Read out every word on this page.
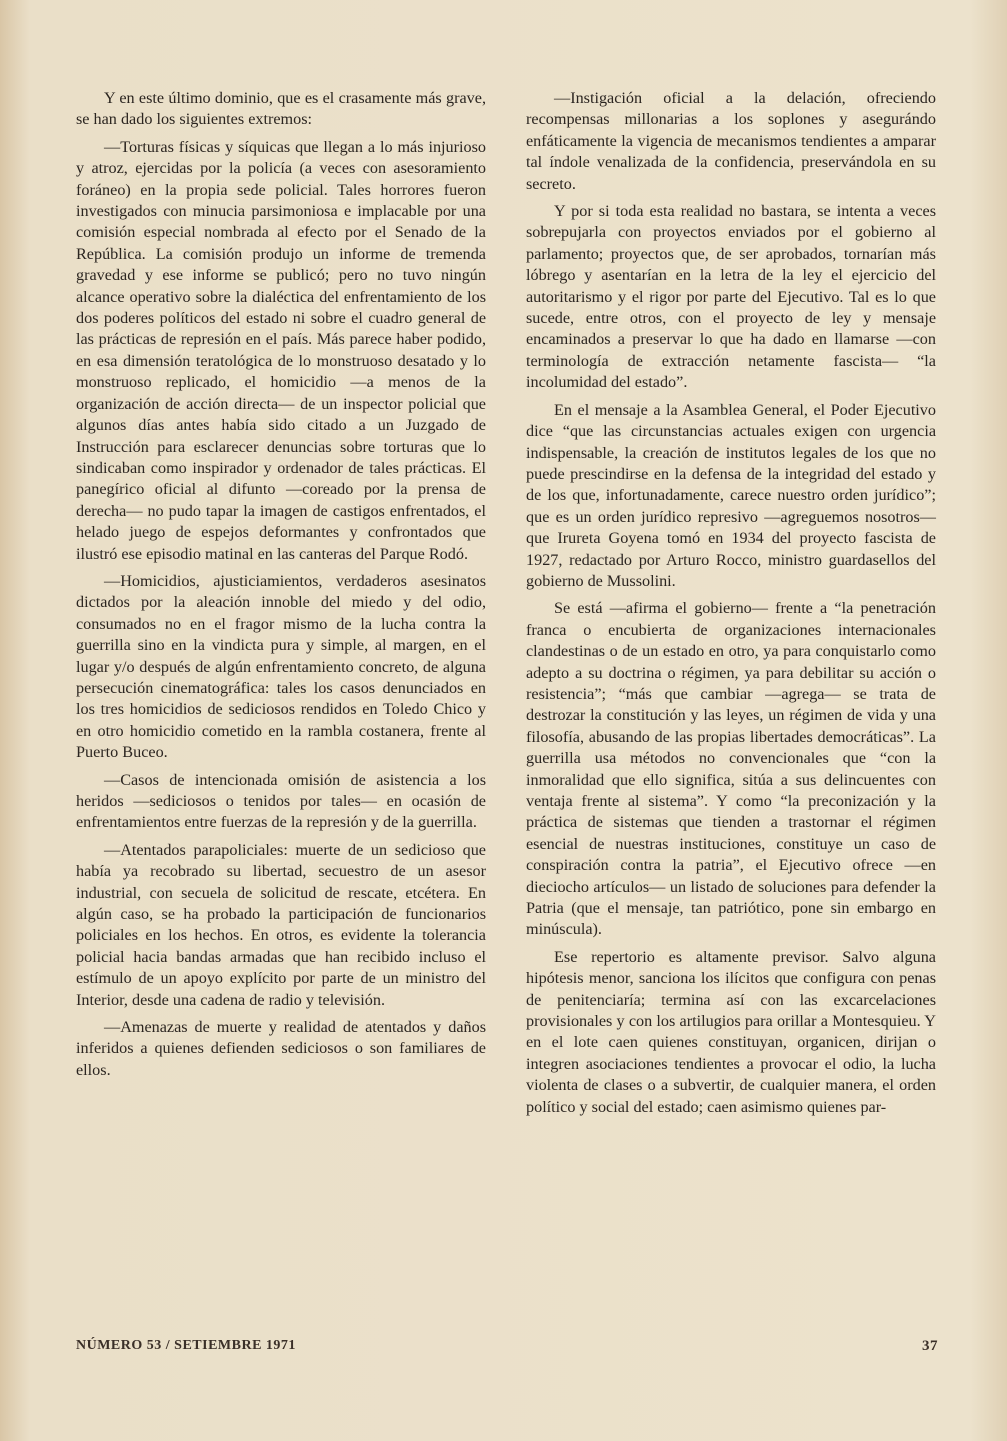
Y en este último dominio, que es el crasamente más grave, se han dado los siguientes extremos:

—Torturas físicas y síquicas que llegan a lo más injurioso y atroz, ejercidas por la policía (a veces con asesoramiento foráneo) en la propia sede policial. Tales horrores fueron investigados con minucia parsimoniosa e implacable por una comisión especial nombrada al efecto por el Senado de la República. La comisión produjo un informe de tremenda gravedad y ese informe se publicó; pero no tuvo ningún alcance operativo sobre la dialéctica del enfrentamiento de los dos poderes políticos del estado ni sobre el cuadro general de las prácticas de represión en el país. Más parece haber podido, en esa dimensión teratológica de lo monstruoso desatado y lo monstruoso replicado, el homicidio —a menos de la organización de acción directa— de un inspector policial que algunos días antes había sido citado a un Juzgado de Instrucción para esclarecer denuncias sobre torturas que lo sindicaban como inspirador y ordenador de tales prácticas. El panegírico oficial al difunto —coreado por la prensa de derecha— no pudo tapar la imagen de castigos enfrentados, el helado juego de espejos deformantes y confrontados que ilustró ese episodio matinal en las canteras del Parque Rodó.

—Homicidios, ajusticiamientos, verdaderos asesinatos dictados por la aleación innoble del miedo y del odio, consumados no en el fragor mismo de la lucha contra la guerrilla sino en la vindicta pura y simple, al margen, en el lugar y/o después de algún enfrentamiento concreto, de alguna persecución cinematográfica: tales los casos denunciados en los tres homicidios de sediciosos rendidos en Toledo Chico y en otro homicidio cometido en la rambla costanera, frente al Puerto Buceo.

—Casos de intencionada omisión de asistencia a los heridos —sediciosos o tenidos por tales— en ocasión de enfrentamientos entre fuerzas de la represión y de la guerrilla.

—Atentados parapoliciales: muerte de un sedicioso que había ya recobrado su libertad, secuestro de un asesor industrial, con secuela de solicitud de rescate, etcétera. En algún caso, se ha probado la participación de funcionarios policiales en los hechos. En otros, es evidente la tolerancia policial hacia bandas armadas que han recibido incluso el estímulo de un apoyo explícito por parte de un ministro del Interior, desde una cadena de radio y televisión.

—Amenazas de muerte y realidad de atentados y daños inferidos a quienes defienden sediciosos o son familiares de ellos.

—Instigación oficial a la delación, ofreciendo recompensas millonarias a los soplones y asegurándo enfáticamente la vigencia de mecanismos tendientes a amparar tal índole venalizada de la confidencia, preservándola en su secreto.

Y por si toda esta realidad no bastara, se intenta a veces sobrepujarla con proyectos enviados por el gobierno al parlamento; proyectos que, de ser aprobados, tornarían más lóbrego y asentarían en la letra de la ley el ejercicio del autoritarismo y el rigor por parte del Ejecutivo. Tal es lo que sucede, entre otros, con el proyecto de ley y mensaje encaminados a preservar lo que ha dado en llamarse —con terminología de extracción netamente fascista— “la incolumidad del estado”.

En el mensaje a la Asamblea General, el Poder Ejecutivo dice “que las circunstancias actuales exigen con urgencia indispensable, la creación de institutos legales de los que no puede prescindirse en la defensa de la integridad del estado y de los que, infortunadamente, carece nuestro orden jurídico”; que es un orden jurídico represivo —agreguemos nosotros— que Irureta Goyena tomó en 1934 del proyecto fascista de 1927, redactado por Arturo Rocco, ministro guardasellos del gobierno de Mussolini.

Se está —afirma el gobierno— frente a “la penetración franca o encubierta de organizaciones internacionales clandestinas o de un estado en otro, ya para conquistarlo como adepto a su doctrina o régimen, ya para debilitar su acción o resistencia”; “más que cambiar —agrega— se trata de destrozar la constitución y las leyes, un régimen de vida y una filosofía, abusando de las propias libertades democráticas”. La guerrilla usa métodos no convencionales que “con la inmoralidad que ello significa, sitúa a sus delincuentes con ventaja frente al sistema”. Y como “la preconización y la práctica de sistemas que tienden a trastornar el régimen esencial de nuestras instituciones, constituye un caso de conspiración contra la patria”, el Ejecutivo ofrece —en dieciocho artículos— un listado de soluciones para defender la Patria (que el mensaje, tan patriótico, pone sin embargo en minúscula).

Ese repertorio es altamente previsor. Salvo alguna hipótesis menor, sanciona los ilícitos que configura con penas de penitenciaría; termina así con las excarcelaciones provisionales y con los artilugios para orillar a Montesquieu. Y en el lote caen quienes constituyan, organicen, dirijan o integren asociaciones tendientes a provocar el odio, la lucha violenta de clases o a subvertir, de cualquier manera, el orden político y social del estado; caen asimismo quienes par-

NÚMERO 53 / SETIEMBRE 1971	37
